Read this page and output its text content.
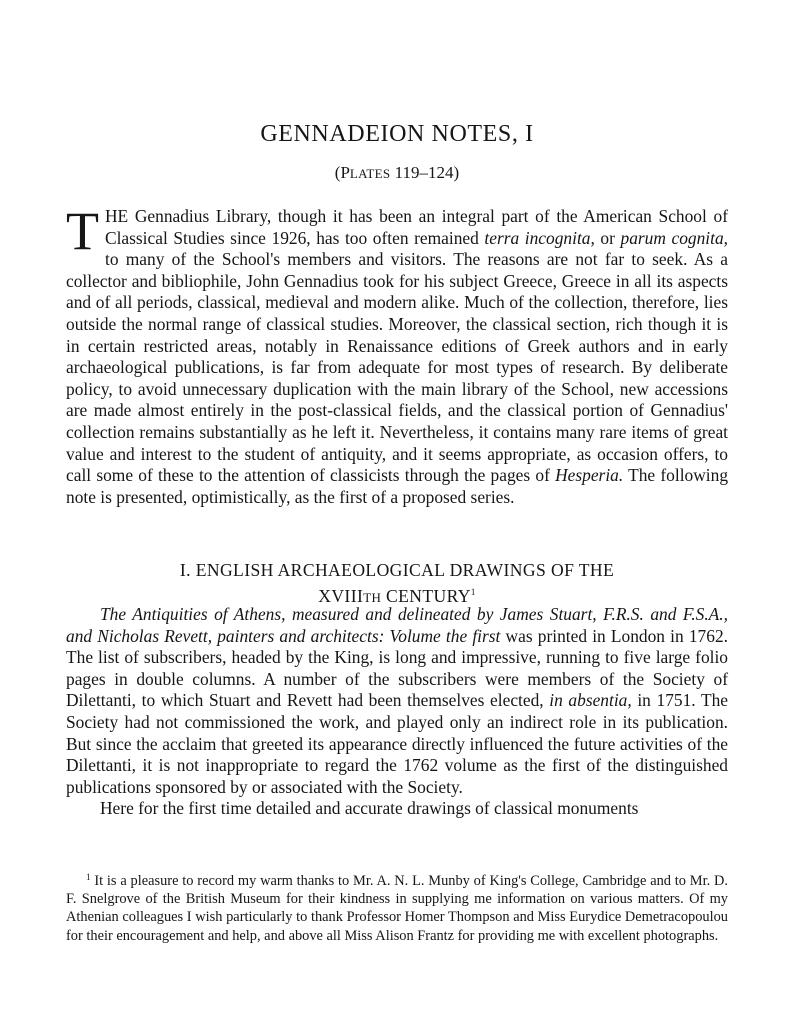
GENNADEION NOTES, I
(PLATES 119–124)

THE Gennadius Library, though it has been an integral part of the American School of Classical Studies since 1926, has too often remained terra incognita, or parum cognita, to many of the School's members and visitors. The reasons are not far to seek. As a collector and bibliophile, John Gennadius took for his subject Greece, Greece in all its aspects and of all periods, classical, medieval and modern alike. Much of the collection, therefore, lies outside the normal range of classical studies. Moreover, the classical section, rich though it is in certain restricted areas, notably in Renaissance editions of Greek authors and in early archaeological publications, is far from adequate for most types of research. By deliberate policy, to avoid unnecessary duplication with the main library of the School, new accessions are made almost entirely in the post-classical fields, and the classical portion of Gennadius' collection remains substantially as he left it. Nevertheless, it contains many rare items of great value and interest to the student of antiquity, and it seems appropriate, as occasion offers, to call some of these to the attention of classicists through the pages of Hesperia. The following note is presented, optimistically, as the first of a proposed series.

I. ENGLISH ARCHAEOLOGICAL DRAWINGS OF THE
XVIIITH CENTURY$^1$

The Antiquities of Athens, measured and delineated by James Stuart, F.R.S. and F.S.A., and Nicholas Revett, painters and architects: Volume the first was printed in London in 1762. The list of subscribers, headed by the King, is long and impressive, running to five large folio pages in double columns. A number of the subscribers were members of the Society of Dilettanti, to which Stuart and Revett had been themselves elected, in absentia, in 1751. The Society had not commissioned the work, and played only an indirect role in its publication. But since the acclaim that greeted its appearance directly influenced the future activities of the Dilettanti, it is not inappropriate to regard the 1762 volume as the first of the distinguished publications sponsored by or associated with the Society.

Here for the first time detailed and accurate drawings of classical monuments

$^1$ It is a pleasure to record my warm thanks to Mr. A. N. L. Munby of King's College, Cambridge and to Mr. D. F. Snelgrove of the British Museum for their kindness in supplying me information on various matters. Of my Athenian colleagues I wish particularly to thank Professor Homer Thompson and Miss Eurydice Demetracopoulou for their encouragement and help, and above all Miss Alison Frantz for providing me with excellent photographs.
